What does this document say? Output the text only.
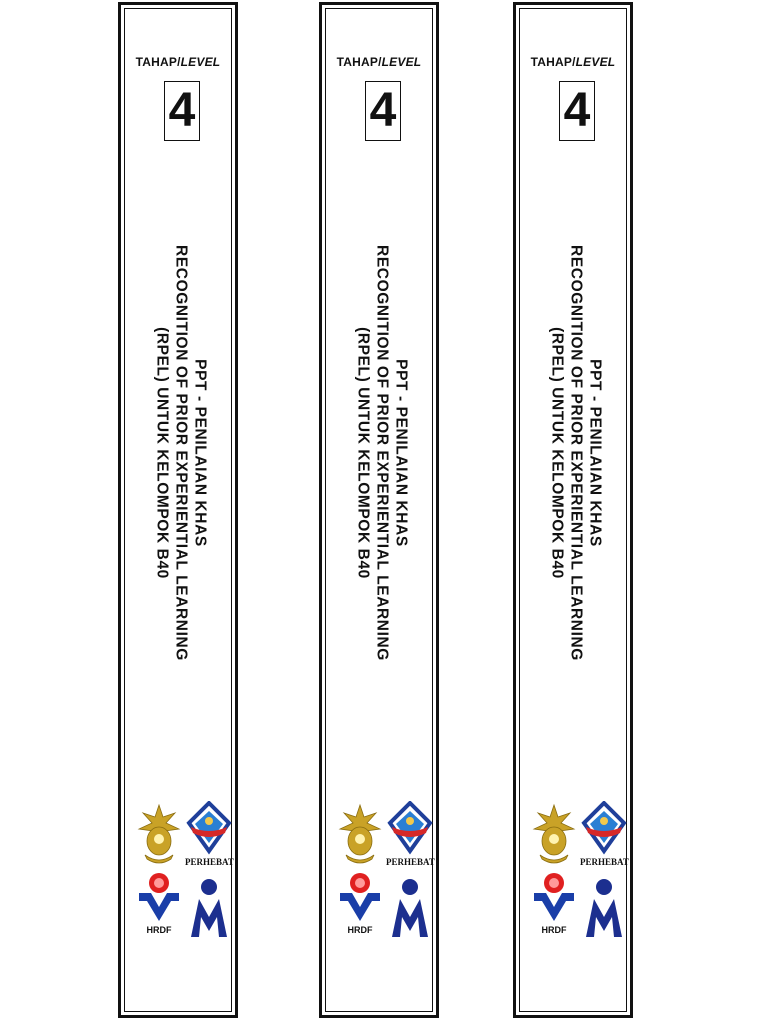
TAHAP/LEVEL
4
PPT - PENILAIAN KHAS
RECOGNITION OF PRIOR EXPERIENTIAL LEARNING
(RPEL) UNTUK KELOMPOK B40
PERHEBAT
HRDF
TAHAP/LEVEL
4
PPT - PENILAIAN KHAS
RECOGNITION OF PRIOR EXPERIENTIAL LEARNING
(RPEL) UNTUK KELOMPOK B40
PERHEBAT
HRDF
TAHAP/LEVEL
4
PPT - PENILAIAN KHAS
RECOGNITION OF PRIOR EXPERIENTIAL LEARNING
(RPEL) UNTUK KELOMPOK B40
PERHEBAT
HRDF
